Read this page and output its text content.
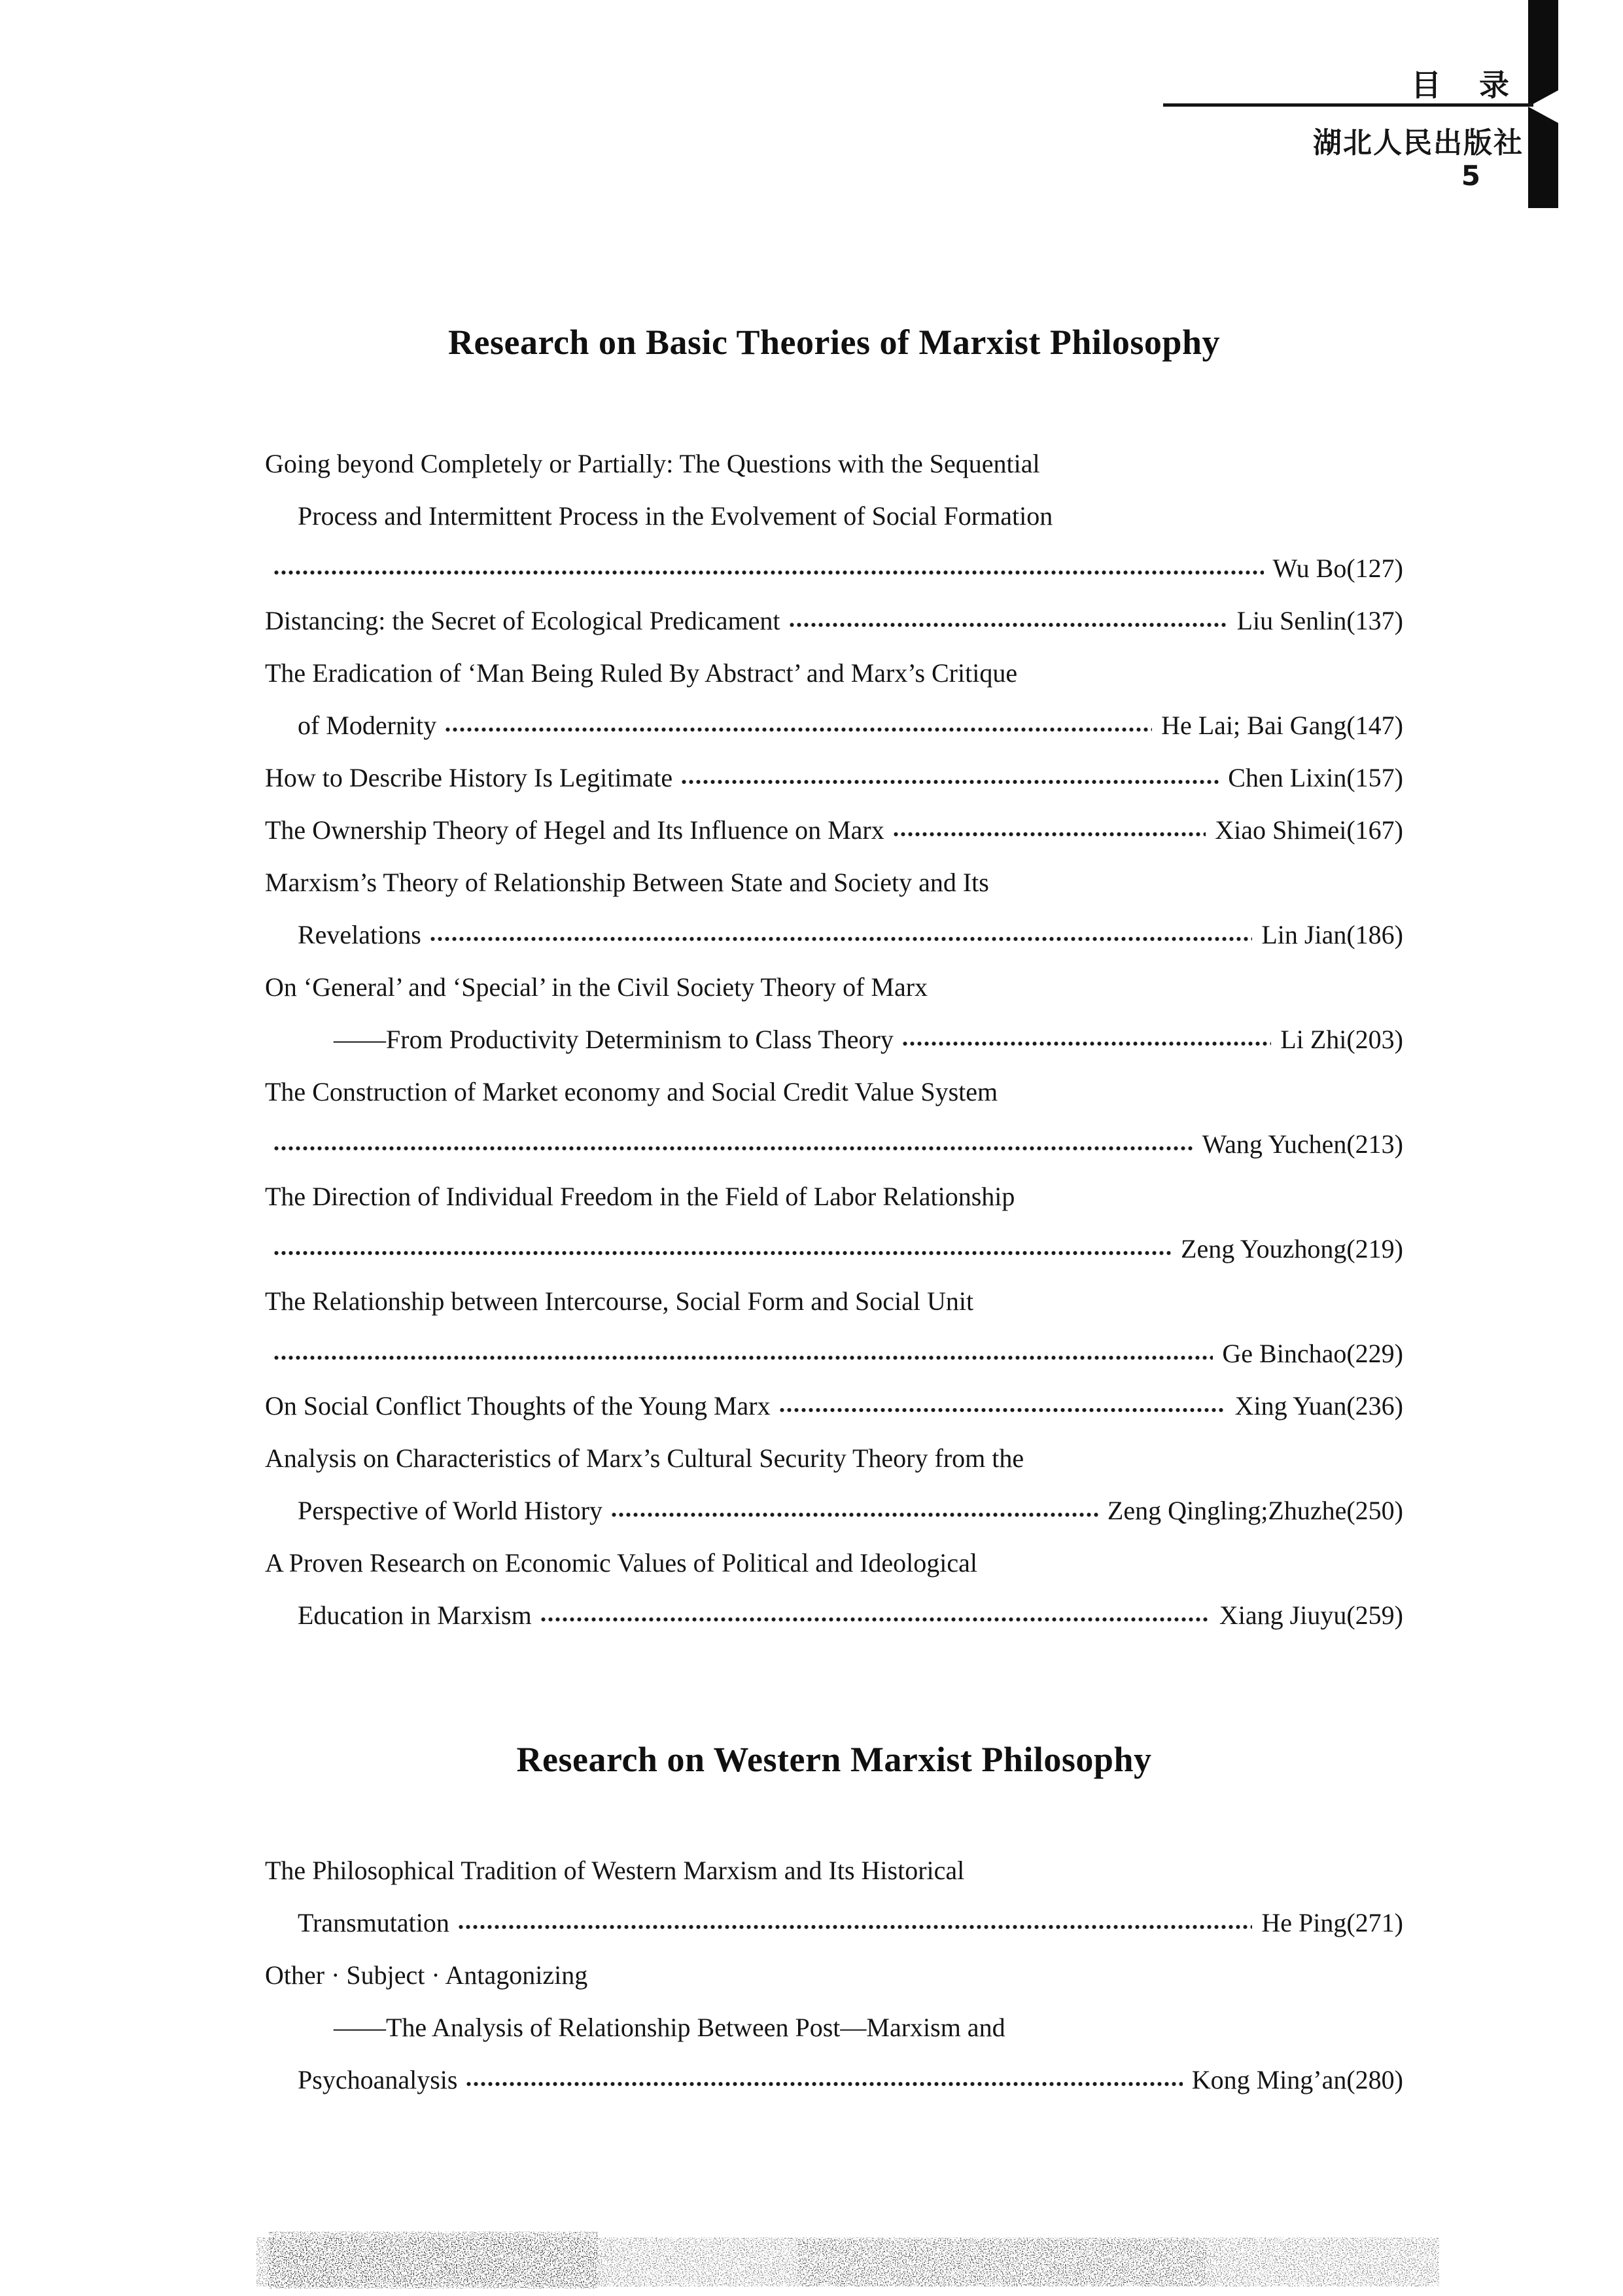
目　录
湖北人民出版社
5
Research on Basic Theories of Marxist Philosophy
Going beyond Completely or Partially: The Questions with the Sequential
Process and Intermittent Process in the Evolvement of Social Formation
Wu Bo(127)
Distancing: the Secret of Ecological Predicament	Liu Senlin(137)
The Eradication of ‘Man Being Ruled By Abstract’ and Marx’s Critique
of Modernity	He Lai; Bai Gang(147)
How to Describe History Is Legitimate	Chen Lixin(157)
The Ownership Theory of Hegel and Its Influence on Marx	Xiao Shimei(167)
Marxism’s Theory of Relationship Between State and Society and Its
Revelations	Lin Jian(186)
On ‘General’ and ‘Special’ in the Civil Society Theory of Marx
——From Productivity Determinism to Class Theory	Li Zhi(203)
The Construction of Market economy and Social Credit Value System
Wang Yuchen(213)
The Direction of Individual Freedom in the Field of Labor Relationship
Zeng Youzhong(219)
The Relationship between Intercourse, Social Form and Social Unit
Ge Binchao(229)
On Social Conflict Thoughts of the Young Marx	Xing Yuan(236)
Analysis on Characteristics of Marx’s Cultural Security Theory from the
Perspective of World History	Zeng Qingling;Zhuzhe(250)
A Proven Research on Economic Values of Political and Ideological
Education in Marxism	Xiang Jiuyu(259)
Research on Western Marxist Philosophy
The Philosophical Tradition of Western Marxism and Its Historical
Transmutation	He Ping(271)
Other · Subject · Antagonizing
——The Analysis of Relationship Between Post—Marxism and
Psychoanalysis	Kong Ming’an(280)
